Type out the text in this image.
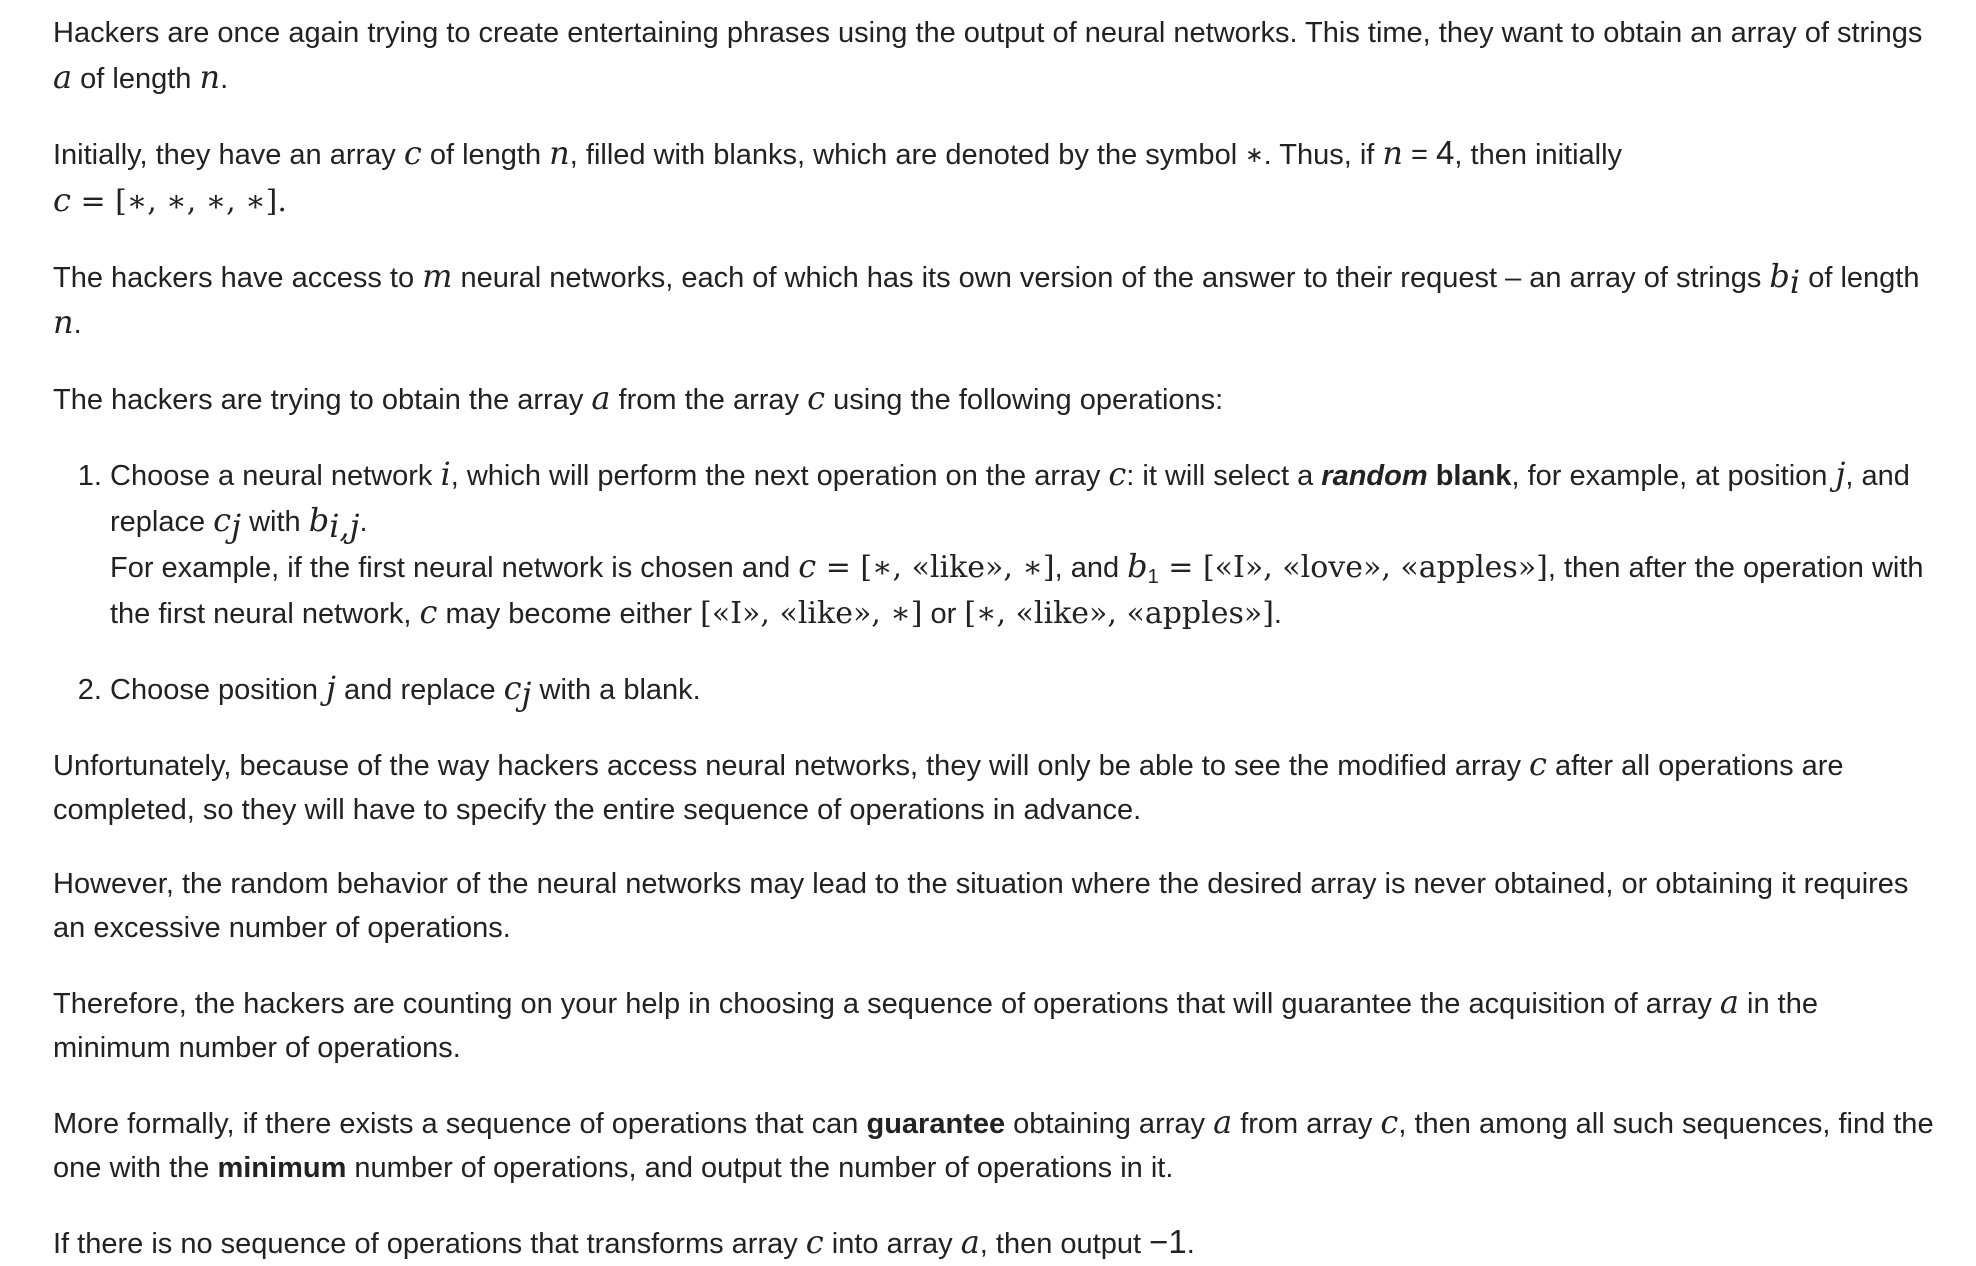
Hackers are once again trying to create entertaining phrases using the output of neural networks. This time, they want to obtain an array of strings a of length n.

Initially, they have an array c of length n, filled with blanks, which are denoted by the symbol ∗. Thus, if n = 4, then initially
c = [∗, ∗, ∗, ∗].

The hackers have access to m neural networks, each of which has its own version of the answer to their request – an array of strings $b_i$ of length n.

The hackers are trying to obtain the array a from the array c using the following operations:

1. Choose a neural network i, which will perform the next operation on the array c: it will select a random blank, for example, at position j, and replace $c_j$ with $b_{i,j}$.
For example, if the first neural network is chosen and c = [∗, «like», ∗], and $b_1$ = [«I», «love», «apples»], then after the operation with the first neural network, c may become either [«I», «like», ∗] or [∗, «like», «apples»].
2. Choose position j and replace $c_j$ with a blank.

Unfortunately, because of the way hackers access neural networks, they will only be able to see the modified array c after all operations are completed, so they will have to specify the entire sequence of operations in advance.

However, the random behavior of the neural networks may lead to the situation where the desired array is never obtained, or obtaining it requires an excessive number of operations.

Therefore, the hackers are counting on your help in choosing a sequence of operations that will guarantee the acquisition of array a in the minimum number of operations.

More formally, if there exists a sequence of operations that can guarantee obtaining array a from array c, then among all such sequences, find the one with the minimum number of operations, and output the number of operations in it.

If there is no sequence of operations that transforms array c into array a, then output −1.
